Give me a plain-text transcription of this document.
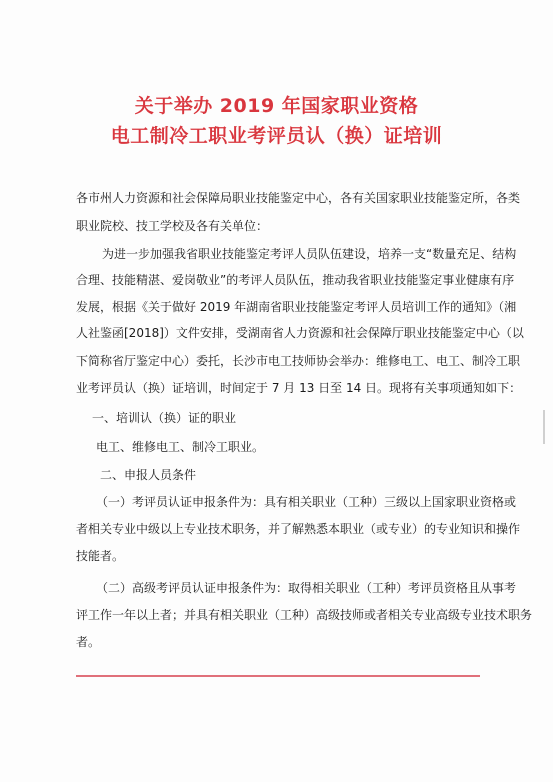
关于举办 2019 年国家职业资格
电工制冷工职业考评员认（换）证培训
各市州人力资源和社会保障局职业技能鉴定中心，各有关国家职业技能鉴定所，各类
职业院校、技工学校及各有关单位：
为进一步加强我省职业技能鉴定考评人员队伍建设，培养一支“数量充足、结构
合理、技能精湛、爱岗敬业”的考评人员队伍，推动我省职业技能鉴定事业健康有序
发展，根据《关于做好 2019 年湖南省职业技能鉴定考评人员培训工作的通知》（湘
人社鉴函[2018]）文件安排，受湖南省人力资源和社会保障厅职业技能鉴定中心（以
下简称省厅鉴定中心）委托，长沙市电工技师协会举办：维修电工、电工、制冷工职
业考评员认（换）证培训，时间定于 7 月 13 日至 14 日。现将有关事项通知如下：
一、培训认（换）证的职业
电工、维修电工、制冷工职业。
二、申报人员条件
（一）考评员认证申报条件为：具有相关职业（工种）三级以上国家职业资格或
者相关专业中级以上专业技术职务，并了解熟悉本职业（或专业）的专业知识和操作
技能者。
（二）高级考评员认证申报条件为：取得相关职业（工种）考评员资格且从事考
评工作一年以上者；并具有相关职业（工种）高级技师或者相关专业高级专业技术职务
者。
